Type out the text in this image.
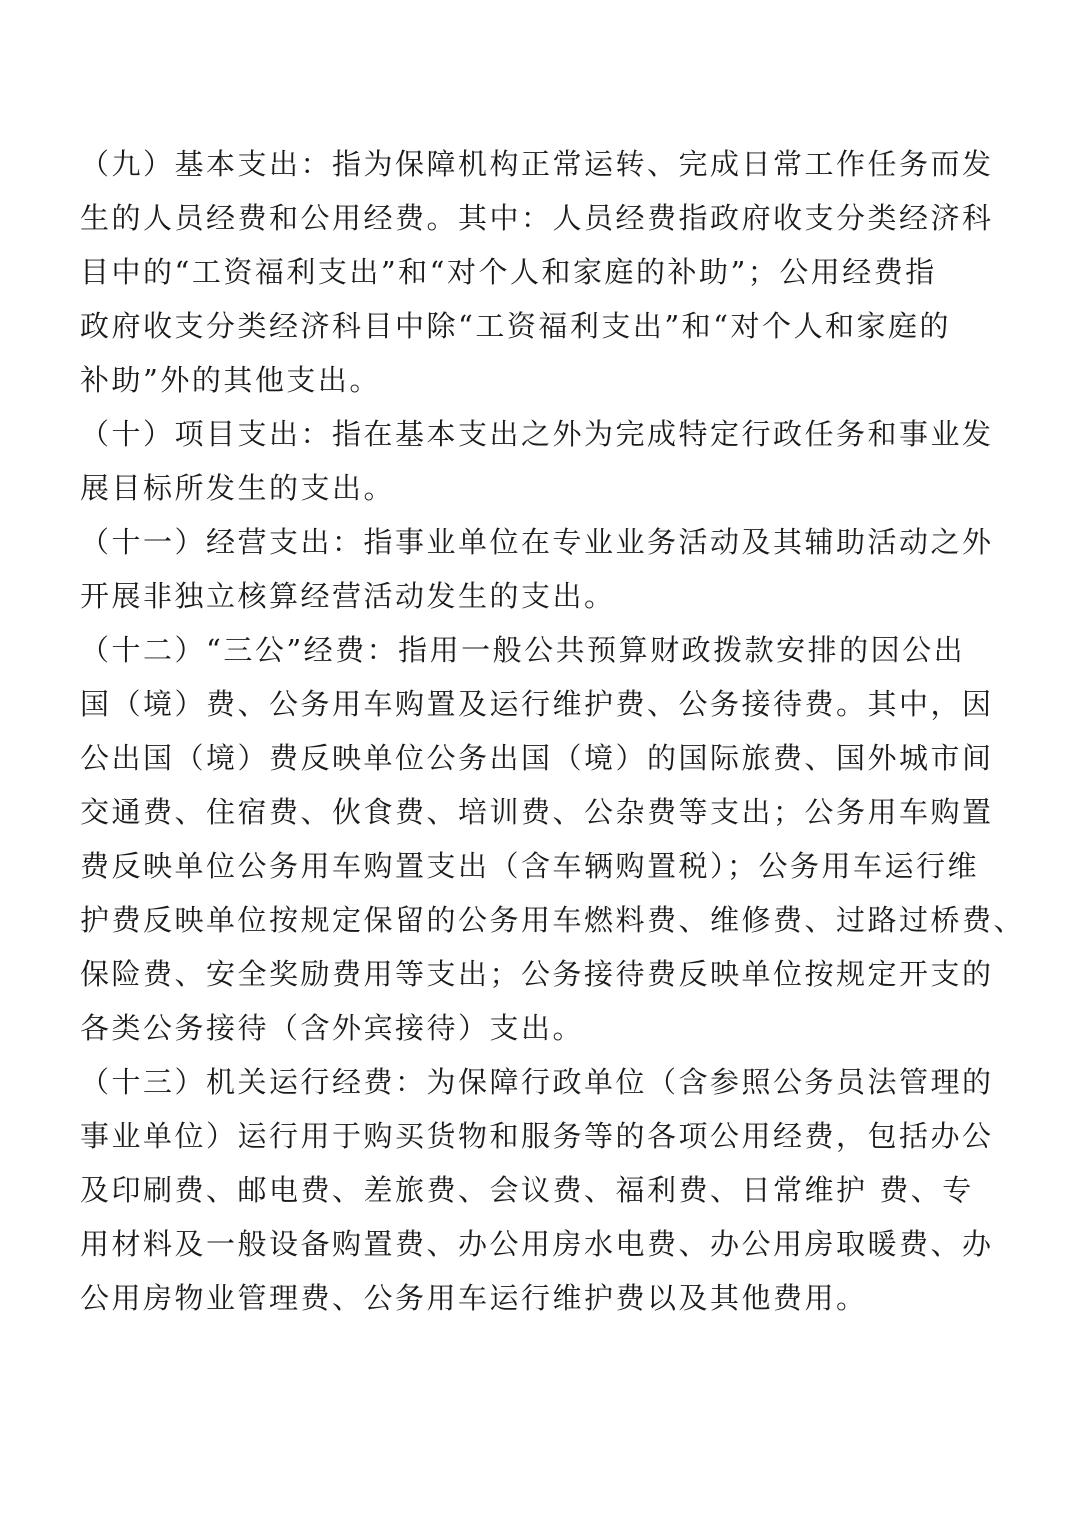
（九）基本支出：指为保障机构正常运转、完成日常工作任务而发
生的人员经费和公用经费。其中：人员经费指政府收支分类经济科
目中的“工资福利支出”和“对个人和家庭的补助”；公用经费指
政府收支分类经济科目中除“工资福利支出”和“对个人和家庭的
补助”外的其他支出。
（十）项目支出：指在基本支出之外为完成特定行政任务和事业发
展目标所发生的支出。
（十一）经营支出：指事业单位在专业业务活动及其辅助活动之外
开展非独立核算经营活动发生的支出。
（十二）“三公”经费：指用一般公共预算财政拨款安排的因公出
国（境）费、公务用车购置及运行维护费、公务接待费。其中，因
公出国（境）费反映单位公务出国（境）的国际旅费、国外城市间
交通费、住宿费、伙食费、培训费、公杂费等支出；公务用车购置
费反映单位公务用车购置支出（含车辆购置税）；公务用车运行维
护费反映单位按规定保留的公务用车燃料费、维修费、过路过桥费、
保险费、安全奖励费用等支出；公务接待费反映单位按规定开支的
各类公务接待（含外宾接待）支出。
（十三）机关运行经费：为保障行政单位（含参照公务员法管理的
事业单位）运行用于购买货物和服务等的各项公用经费，包括办公
及印刷费、邮电费、差旅费、会议费、福利费、日常维护 费、专
用材料及一般设备购置费、办公用房水电费、办公用房取暖费、办
公用房物业管理费、公务用车运行维护费以及其他费用。
